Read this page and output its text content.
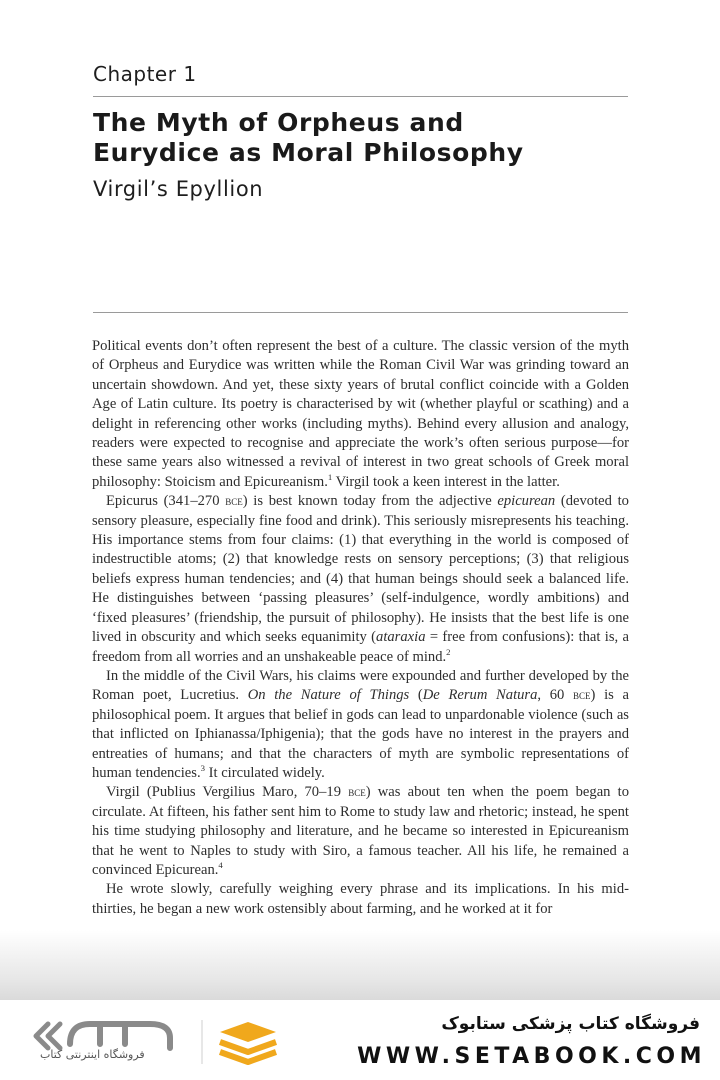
Chapter 1
The Myth of Orpheus and
Eurydice as Moral Philosophy
Virgil’s Epyllion

Political events don’t often represent the best of a culture. The classic version of the myth of Orpheus and Eurydice was written while the Roman Civil War was grinding toward an uncertain showdown. And yet, these sixty years of brutal conflict coincide with a Golden Age of Latin culture. Its poetry is characterised by wit (whether playful or scathing) and a delight in referencing other works (including myths). Behind every allusion and analogy, readers were expected to recognise and appreciate the work’s often serious purpose—for these same years also witnessed a revival of interest in two great schools of Greek moral philosophy: Stoicism and Epicureanism.$^1$ Virgil took a keen interest in the latter.

Epicurus (341–270 bce) is best known today from the adjective epicurean (devoted to sensory pleasure, especially fine food and drink). This seriously misrepresents his teaching. His importance stems from four claims: (1) that everything in the world is composed of indestructible atoms; (2) that knowledge rests on sensory perceptions; (3) that religious beliefs express human tendencies; and (4) that human beings should seek a balanced life. He distinguishes between ‘passing pleasures’ (self-indulgence, wordly ambitions) and ‘fixed pleasures’ (friendship, the pursuit of philosophy). He insists that the best life is one lived in obscurity and which seeks equanimity (ataraxia = free from confusions): that is, a freedom from all worries and an unshakeable peace of mind.$^2$

In the middle of the Civil Wars, his claims were expounded and further developed by the Roman poet, Lucretius. On the Nature of Things (De Rerum Natura, 60 bce) is a philosophical poem. It argues that belief in gods can lead to unpardonable violence (such as that inflicted on Iphianassa/Iphigenia); that the gods have no interest in the prayers and entreaties of humans; and that the characters of myth are symbolic representations of human tendencies.$^3$ It circulated widely.

Virgil (Publius Vergilius Maro, 70–19 bce) was about ten when the poem began to circulate. At fifteen, his father sent him to Rome to study law and rhetoric; instead, he spent his time studying philosophy and literature, and he became so interested in Epicureanism that he went to Naples to study with Siro, a famous teacher. All his life, he remained a convinced Epicurean.$^4$

He wrote slowly, carefully weighing every phrase and its implications. In his mid-thirties, he began a new work ostensibly about farming, and he worked at it for

فروشگاه اینترنتی کتاب
فروشگاه کتاب پزشکی ستابوک
WWW.SETABOOK.COM
